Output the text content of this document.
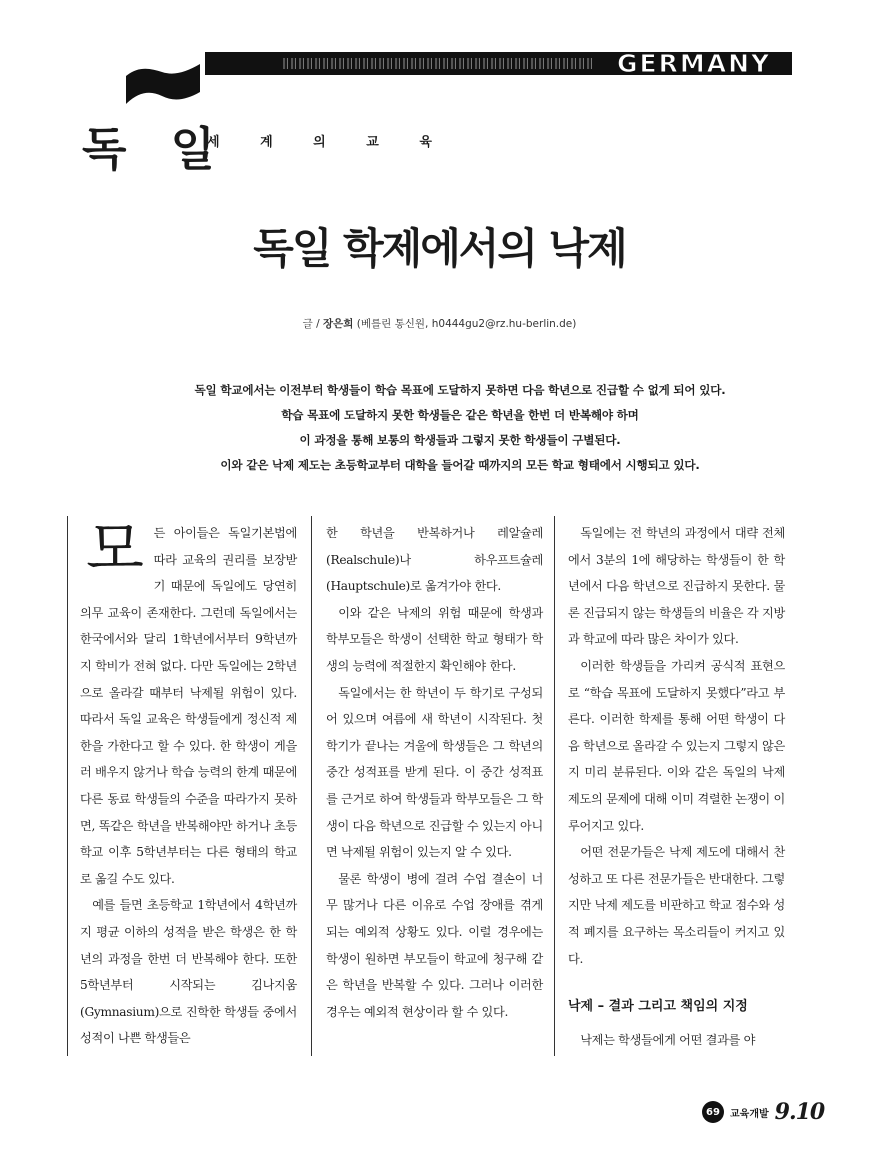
GERMANY
독 일
세 계 의 교 육
독일 학제에서의 낙제
글 / 장은희 (베를린 통신원, h0444gu2@rz.hu-berlin.de)
독일 학교에서는 이전부터 학생들이 학습 목표에 도달하지 못하면 다음 학년으로 진급할 수 없게 되어 있다.
학습 목표에 도달하지 못한 학생들은 같은 학년을 한번 더 반복해야 하며
이 과정을 통해 보통의 학생들과 그렇지 못한 학생들이 구별된다.
이와 같은 낙제 제도는 초등학교부터 대학을 들어갈 때까지의 모든 학교 형태에서 시행되고 있다.

모든 아이들은 독일기본법에 따라 교육의 권리를 보장받기 때문에 독일에도 당연히 의무 교육이 존재한다. 그런데 독일에서는 한국에서와 달리 1학년에서부터 9학년까지 학비가 전혀 없다. 다만 독일에는 2학년으로 올라갈 때부터 낙제될 위험이 있다. 따라서 독일 교육은 학생들에게 정신적 제한을 가한다고 할 수 있다. 한 학생이 게을러 배우지 않거나 학습 능력의 한계 때문에 다른 동료 학생들의 수준을 따라가지 못하면, 똑같은 학년을 반복해야만 하거나 초등학교 이후 5학년부터는 다른 형태의 학교로 옮길 수도 있다.

예를 들면 초등학교 1학년에서 4학년까지 평균 이하의 성적을 받은 학생은 한 학년의 과정을 한번 더 반복해야 한다. 또한 5학년부터 시작되는 김나지움(Gymnasium)으로 진학한 학생들 중에서 성적이 나쁜 학생들은

한 학년을 반복하거나 레알슐레(Realschule)나 하우프트슐레(Hauptschule)로 옮겨가야 한다.

이와 같은 낙제의 위험 때문에 학생과 학부모들은 학생이 선택한 학교 형태가 학생의 능력에 적절한지 확인해야 한다.

독일에서는 한 학년이 두 학기로 구성되어 있으며 여름에 새 학년이 시작된다. 첫 학기가 끝나는 겨울에 학생들은 그 학년의 중간 성적표를 받게 된다. 이 중간 성적표를 근거로 하여 학생들과 학부모들은 그 학생이 다음 학년으로 진급할 수 있는지 아니면 낙제될 위험이 있는지 알 수 있다.

물론 학생이 병에 걸려 수업 결손이 너무 많거나 다른 이유로 수업 장애를 겪게 되는 예외적 상황도 있다. 이럴 경우에는 학생이 원하면 부모들이 학교에 청구해 같은 학년을 반복할 수 있다. 그러나 이러한 경우는 예외적 현상이라 할 수 있다.

독일에는 전 학년의 과정에서 대략 전체에서 3분의 1에 해당하는 학생들이 한 학년에서 다음 학년으로 진급하지 못한다. 물론 진급되지 않는 학생들의 비율은 각 지방과 학교에 따라 많은 차이가 있다.

이러한 학생들을 가리켜 공식적 표현으로 “학습 목표에 도달하지 못했다”라고 부른다. 이러한 학제를 통해 어떤 학생이 다음 학년으로 올라갈 수 있는지 그렇지 않은지 미리 분류된다. 이와 같은 독일의 낙제 제도의 문제에 대해 이미 격렬한 논쟁이 이루어지고 있다.

어떤 전문가들은 낙제 제도에 대해서 찬성하고 또 다른 전문가들은 반대한다. 그렇지만 낙제 제도를 비판하고 학교 점수와 성적 폐지를 요구하는 목소리들이 커지고 있다.

낙제 – 결과 그리고 책임의 지정

낙제는 학생들에게 어떤 결과를 야

69	교육개발 9.10
